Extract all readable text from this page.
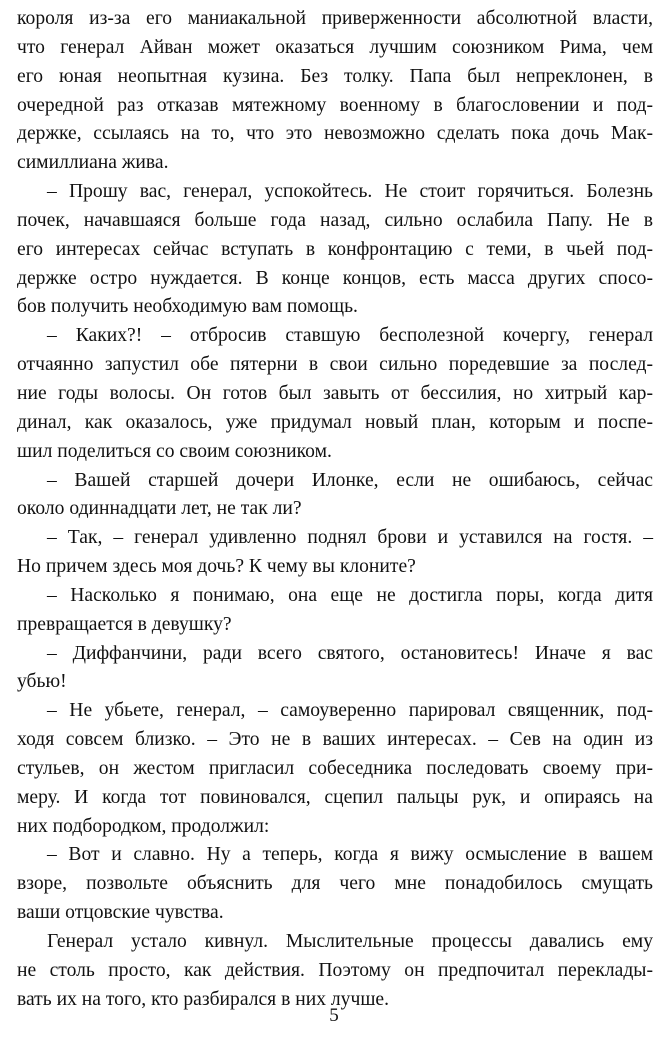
короля из-за его маниакальной приверженности абсолютной власти,
что генерал Айван может оказаться лучшим союзником Рима, чем
его юная неопытная кузина. Без толку. Папа был непреклонен, в
очередной раз отказав мятежному военному в благословении и под-
держке, ссылаясь на то, что это невозможно сделать пока дочь Мак-
симиллиана жива.
– Прошу вас, генерал, успокойтесь. Не стоит горячиться. Болезнь
почек, начавшаяся больше года назад, сильно ослабила Папу. Не в
его интересах сейчас вступать в конфронтацию с теми, в чьей под-
держке остро нуждается. В конце концов, есть масса других спосо-
бов получить необходимую вам помощь.
– Каких?! – отбросив ставшую бесполезной кочергу, генерал
отчаянно запустил обе пятерни в свои сильно поредевшие за послед-
ние годы волосы. Он готов был завыть от бессилия, но хитрый кар-
динал, как оказалось, уже придумал новый план, которым и поспе-
шил поделиться со своим союзником.
– Вашей старшей дочери Илонке, если не ошибаюсь, сейчас
около одиннадцати лет, не так ли?
– Так, – генерал удивленно поднял брови и уставился на гостя. –
Но причем здесь моя дочь? К чему вы клоните?
– Насколько я понимаю, она еще не достигла поры, когда дитя
превращается в девушку?
– Диффанчини, ради всего святого, остановитесь! Иначе я вас
убью!
– Не убьете, генерал, – самоуверенно парировал священник, под-
ходя совсем близко. – Это не в ваших интересах. – Сев на один из
стульев, он жестом пригласил собеседника последовать своему при-
меру. И когда тот повиновался, сцепил пальцы рук, и опираясь на
них подбородком, продолжил:
– Вот и славно. Ну а теперь, когда я вижу осмысление в вашем
взоре, позвольте объяснить для чего мне понадобилось смущать
ваши отцовские чувства.
Генерал устало кивнул. Мыслительные процессы давались ему
не столь просто, как действия. Поэтому он предпочитал переклады-
вать их на того, кто разбирался в них лучше.
5
